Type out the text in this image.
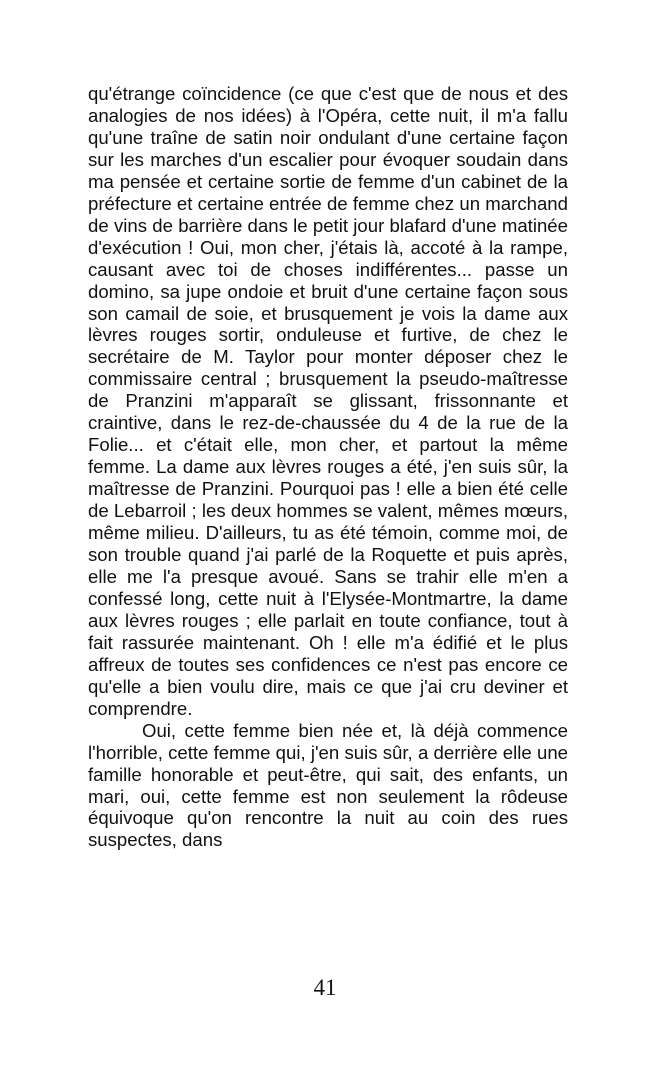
qu'étrange coïncidence (ce que c'est que de nous et des analogies de nos idées) à l'Opéra, cette nuit, il m'a fallu qu'une traîne de satin noir ondulant d'une certaine façon sur les marches d'un escalier pour évoquer soudain dans ma pensée et certaine sortie de femme d'un cabinet de la préfecture et certaine entrée de femme chez un marchand de vins de barrière dans le petit jour blafard d'une matinée d'exécution ! Oui, mon cher, j'étais là, accoté à la rampe, causant avec toi de choses indifférentes... passe un domino, sa jupe ondoie et bruit d'une certaine façon sous son camail de soie, et brusquement je vois la dame aux lèvres rouges sortir, onduleuse et furtive, de chez le secrétaire de M. Taylor pour monter déposer chez le commissaire central ; brusquement la pseudo-maîtresse de Pranzini m'apparaît se glissant, frissonnante et craintive, dans le rez-de-chaussée du 4 de la rue de la Folie... et c'était elle, mon cher, et partout la même femme. La dame aux lèvres rouges a été, j'en suis sûr, la maîtresse de Pranzini. Pourquoi pas ! elle a bien été celle de Lebarroil ; les deux hommes se valent, mêmes mœurs, même milieu. D'ailleurs, tu as été témoin, comme moi, de son trouble quand j'ai parlé de la Roquette et puis après, elle me l'a presque avoué. Sans se trahir elle m'en a confessé long, cette nuit à l'Elysée-Montmartre, la dame aux lèvres rouges ; elle parlait en toute confiance, tout à fait rassurée maintenant. Oh ! elle m'a édifié et le plus affreux de toutes ses confidences ce n'est pas encore ce qu'elle a bien voulu dire, mais ce que j'ai cru deviner et comprendre.

Oui, cette femme bien née et, là déjà commence l'horrible, cette femme qui, j'en suis sûr, a derrière elle une famille honorable et peut-être, qui sait, des enfants, un mari, oui, cette femme est non seulement la rôdeuse équivoque qu'on rencontre la nuit au coin des rues suspectes, dans

41
